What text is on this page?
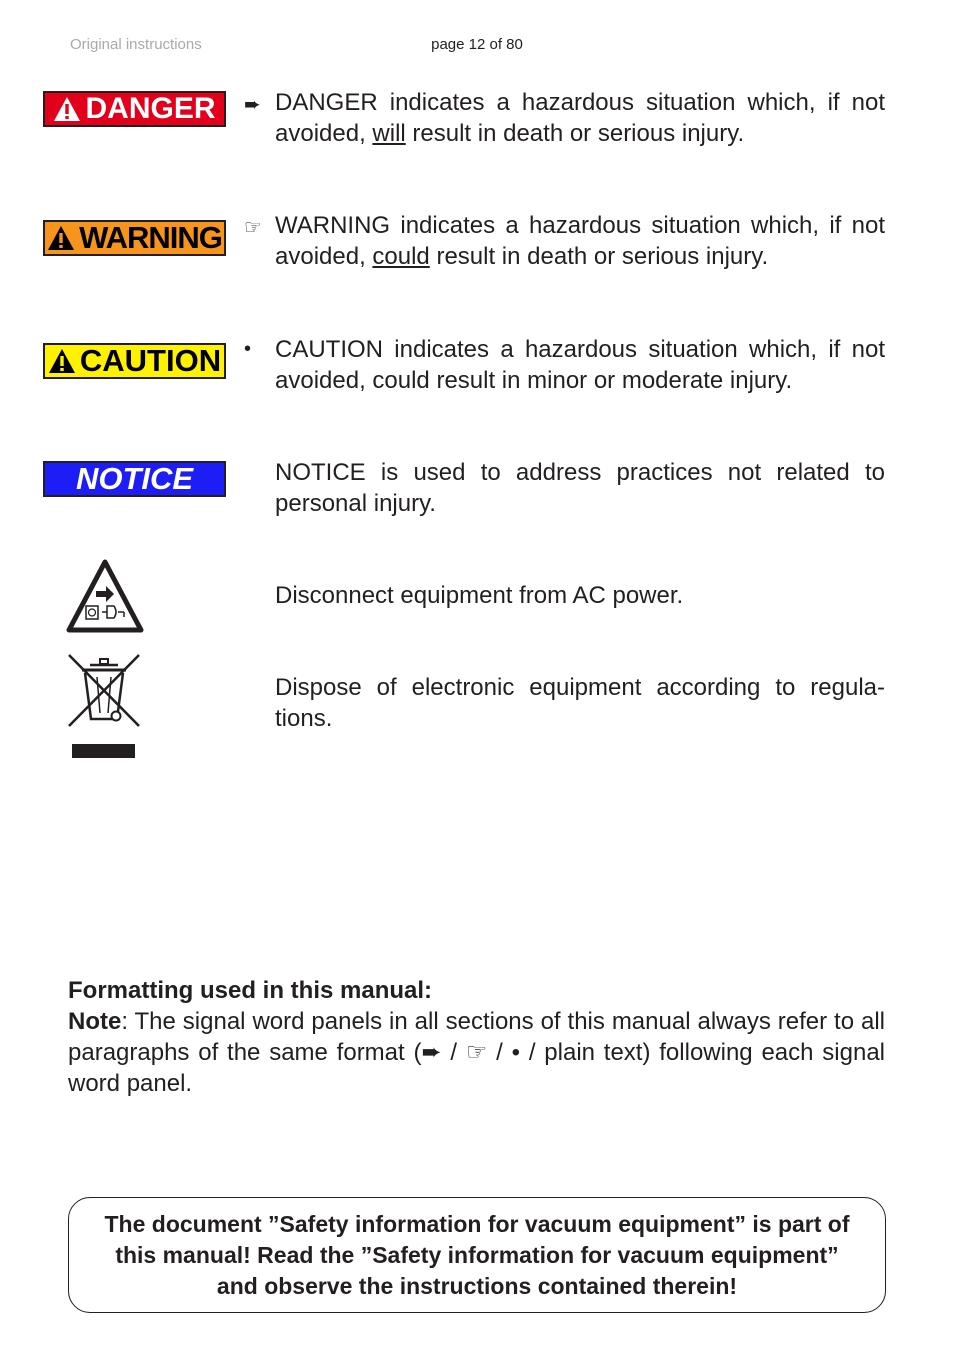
Original instructions	page 12 of 80
DANGER ➨ DANGER indicates a hazardous situation which, if not avoided, will result in death or serious injury.
WARNING ☞ WARNING indicates a hazardous situation which, if not avoided, could result in death or serious injury.
CAUTION • CAUTION indicates a hazardous situation which, if not avoided, could result in minor or moderate injury.
NOTICE	NOTICE is used to address practices not related to personal injury.
Disconnect equipment from AC power.
Dispose of electronic equipment according to regula-tions.
Formatting used in this manual:
Note: The signal word panels in all sections of this manual always refer to all paragraphs of the same format (➨ / ☞ / • / plain text) following each signal word panel.
The document ”Safety information for vacuum equipment” is part of this manual! Read the ”Safety information for vacuum equipment” and observe the instructions contained therein!
